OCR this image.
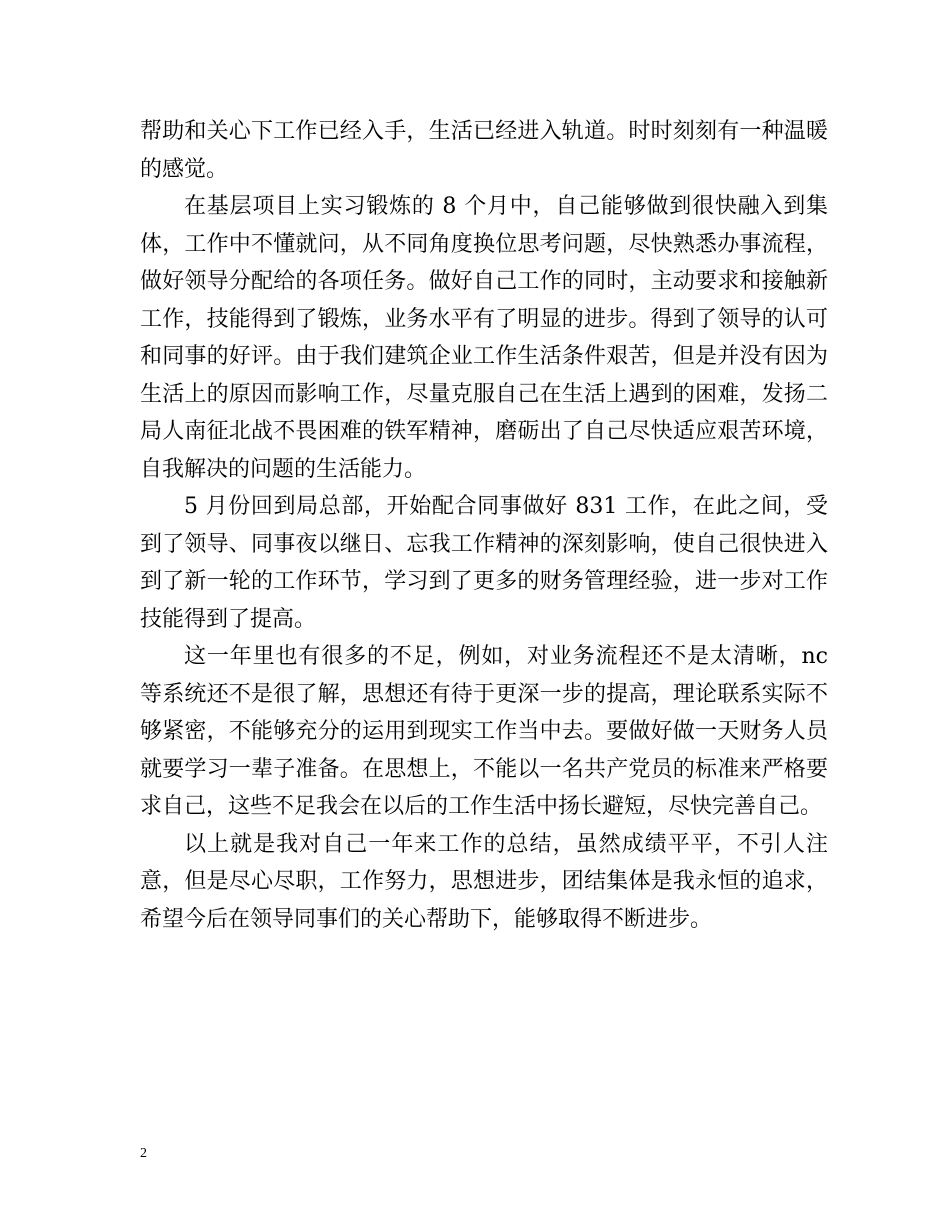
帮助和关心下工作已经入手，生活已经进入轨道。时时刻刻有一种温暖的感觉。

在基层项目上实习锻炼的 8 个月中，自己能够做到很快融入到集体，工作中不懂就问，从不同角度换位思考问题，尽快熟悉办事流程，做好领导分配给的各项任务。做好自己工作的同时，主动要求和接触新工作，技能得到了锻炼，业务水平有了明显的进步。得到了领导的认可和同事的好评。由于我们建筑企业工作生活条件艰苦，但是并没有因为生活上的原因而影响工作，尽量克服自己在生活上遇到的困难，发扬二局人南征北战不畏困难的铁军精神，磨砺出了自己尽快适应艰苦环境，自我解决的问题的生活能力。

5 月份回到局总部，开始配合同事做好 831 工作，在此之间，受到了领导、同事夜以继日、忘我工作精神的深刻影响，使自己很快进入到了新一轮的工作环节，学习到了更多的财务管理经验，进一步对工作技能得到了提高。

这一年里也有很多的不足，例如，对业务流程还不是太清晰，nc 等系统还不是很了解，思想还有待于更深一步的提高，理论联系实际不够紧密，不能够充分的运用到现实工作当中去。要做好做一天财务人员就要学习一辈子准备。在思想上，不能以一名共产党员的标准来严格要求自己，这些不足我会在以后的工作生活中扬长避短，尽快完善自己。

以上就是我对自己一年来工作的总结，虽然成绩平平，不引人注意，但是尽心尽职，工作努力，思想进步，团结集体是我永恒的追求，希望今后在领导同事们的关心帮助下，能够取得不断进步。

2
